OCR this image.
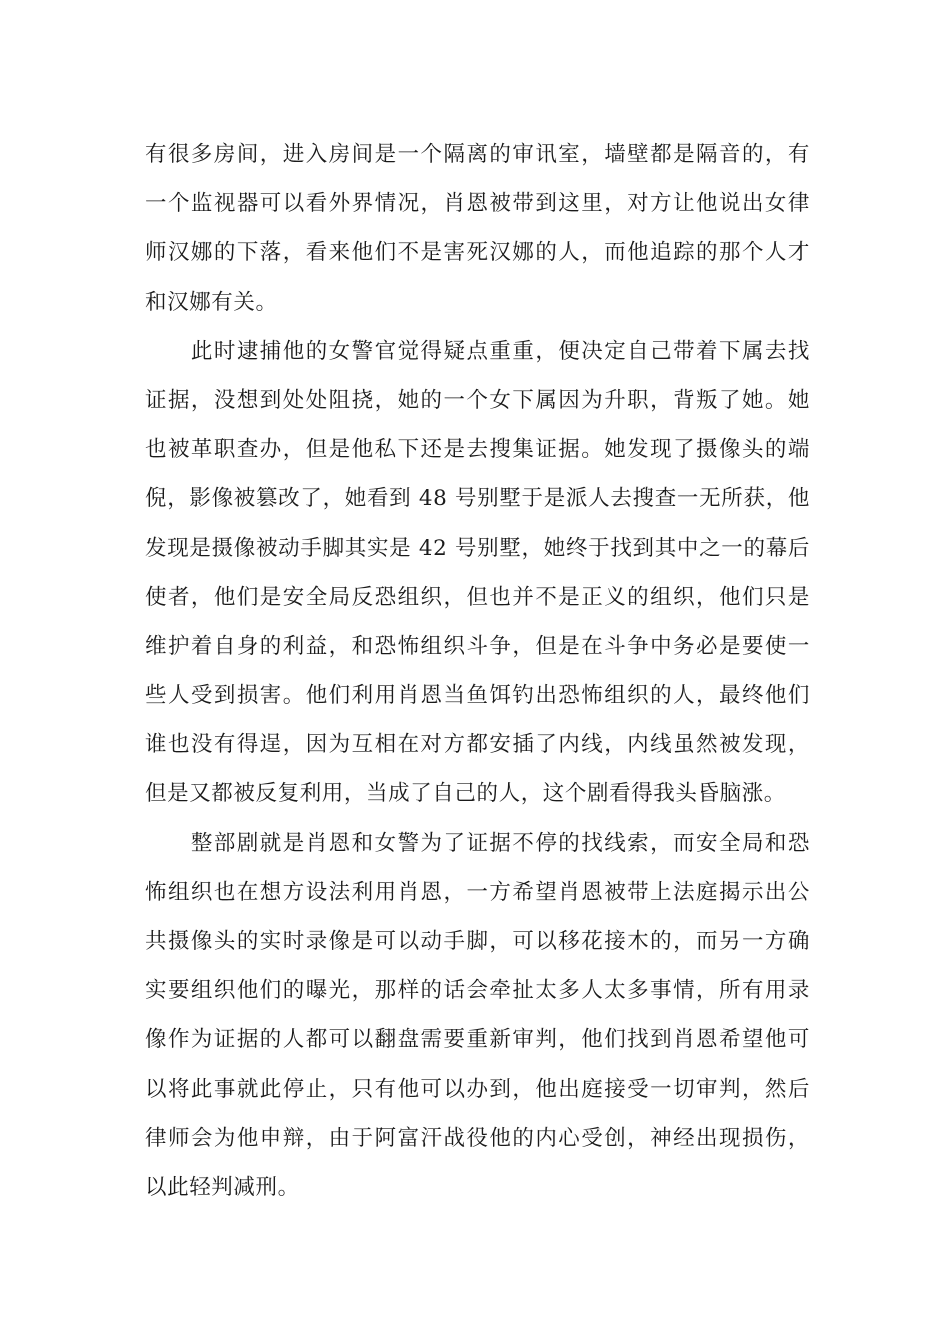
有很多房间，进入房间是一个隔离的审讯室，墙壁都是隔音的，有
一个监视器可以看外界情况，肖恩被带到这里，对方让他说出女律
师汉娜的下落，看来他们不是害死汉娜的人，而他追踪的那个人才
和汉娜有关。
　　此时逮捕他的女警官觉得疑点重重，便决定自己带着下属去找
证据，没想到处处阻挠，她的一个女下属因为升职，背叛了她。她
也被革职查办，但是他私下还是去搜集证据。她发现了摄像头的端
倪，影像被篡改了，她看到 48 号别墅于是派人去搜查一无所获，他
发现是摄像被动手脚其实是 42 号别墅，她终于找到其中之一的幕后
使者，他们是安全局反恐组织，但也并不是正义的组织，他们只是
维护着自身的利益，和恐怖组织斗争，但是在斗争中务必是要使一
些人受到损害。他们利用肖恩当鱼饵钓出恐怖组织的人，最终他们
谁也没有得逞，因为互相在对方都安插了内线，内线虽然被发现，
但是又都被反复利用，当成了自己的人，这个剧看得我头昏脑涨。
　　整部剧就是肖恩和女警为了证据不停的找线索，而安全局和恐
怖组织也在想方设法利用肖恩，一方希望肖恩被带上法庭揭示出公
共摄像头的实时录像是可以动手脚，可以移花接木的，而另一方确
实要组织他们的曝光，那样的话会牵扯太多人太多事情，所有用录
像作为证据的人都可以翻盘需要重新审判，他们找到肖恩希望他可
以将此事就此停止，只有他可以办到，他出庭接受一切审判，然后
律师会为他申辩，由于阿富汗战役他的内心受创，神经出现损伤，
以此轻判减刑。
